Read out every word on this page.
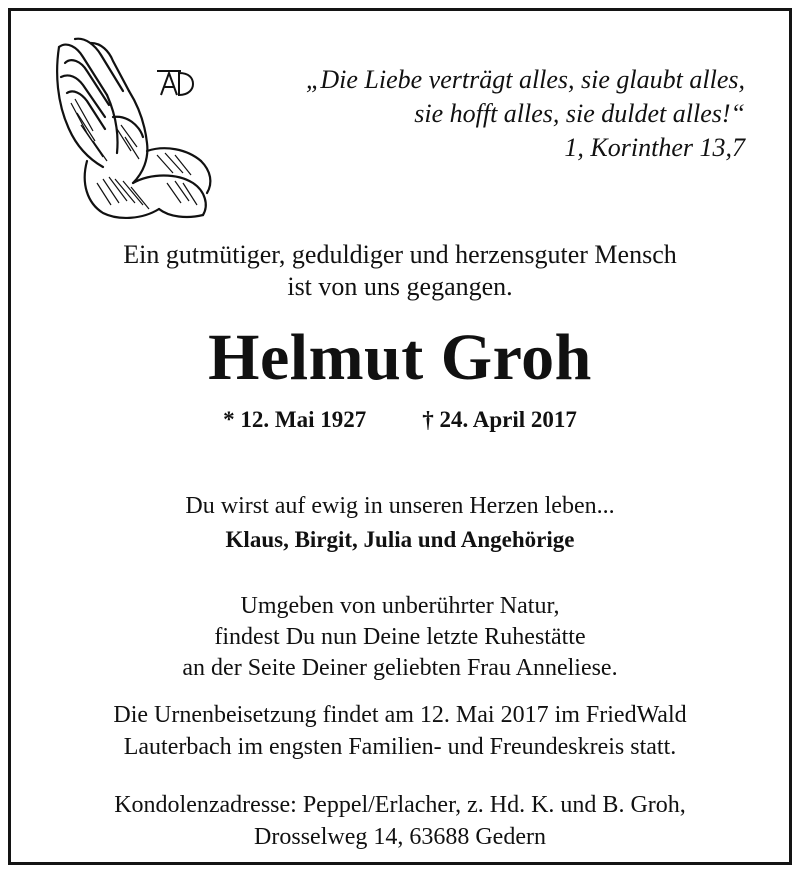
„Die Liebe verträgt alles, sie glaubt alles,
sie hofft alles, sie duldet alles!“
1, Korinther 13,7
Ein gutmütiger, geduldiger und herzensguter Mensch
ist von uns gegangen.
Helmut Groh
* 12. Mai 1927 † 24. April 2017
Du wirst auf ewig in unseren Herzen leben...
Klaus, Birgit, Julia und Angehörige
Umgeben von unberührter Natur,
findest Du nun Deine letzte Ruhestätte
an der Seite Deiner geliebten Frau Anneliese.
Die Urnenbeisetzung findet am 12. Mai 2017 im FriedWald
Lauterbach im engsten Familien- und Freundeskreis statt.
Kondolenzadresse: Peppel/Erlacher, z. Hd. K. und B. Groh,
Drosselweg 14, 63688 Gedern
